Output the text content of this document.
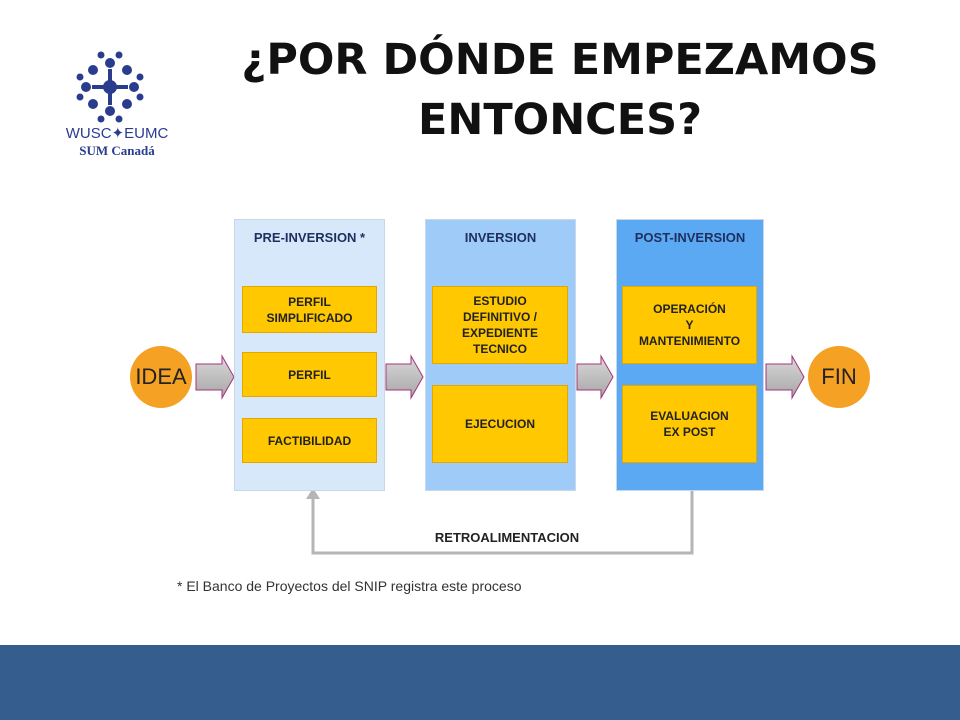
¿POR DÓNDE EMPEZAMOS
ENTONCES?
WUSC✦EUMC
SUM Canadá
IDEA	FIN
PRE-INVERSION *
PERFIL
SIMPLIFICADO
PERFIL
FACTIBILIDAD
INVERSION
ESTUDIO
DEFINITIVO /
EXPEDIENTE
TECNICO
EJECUCION
POST-INVERSION
OPERACIÓN
Y
MANTENIMIENTO
EVALUACION
EX POST
RETROALIMENTACION
* El Banco de Proyectos del SNIP registra este proceso
